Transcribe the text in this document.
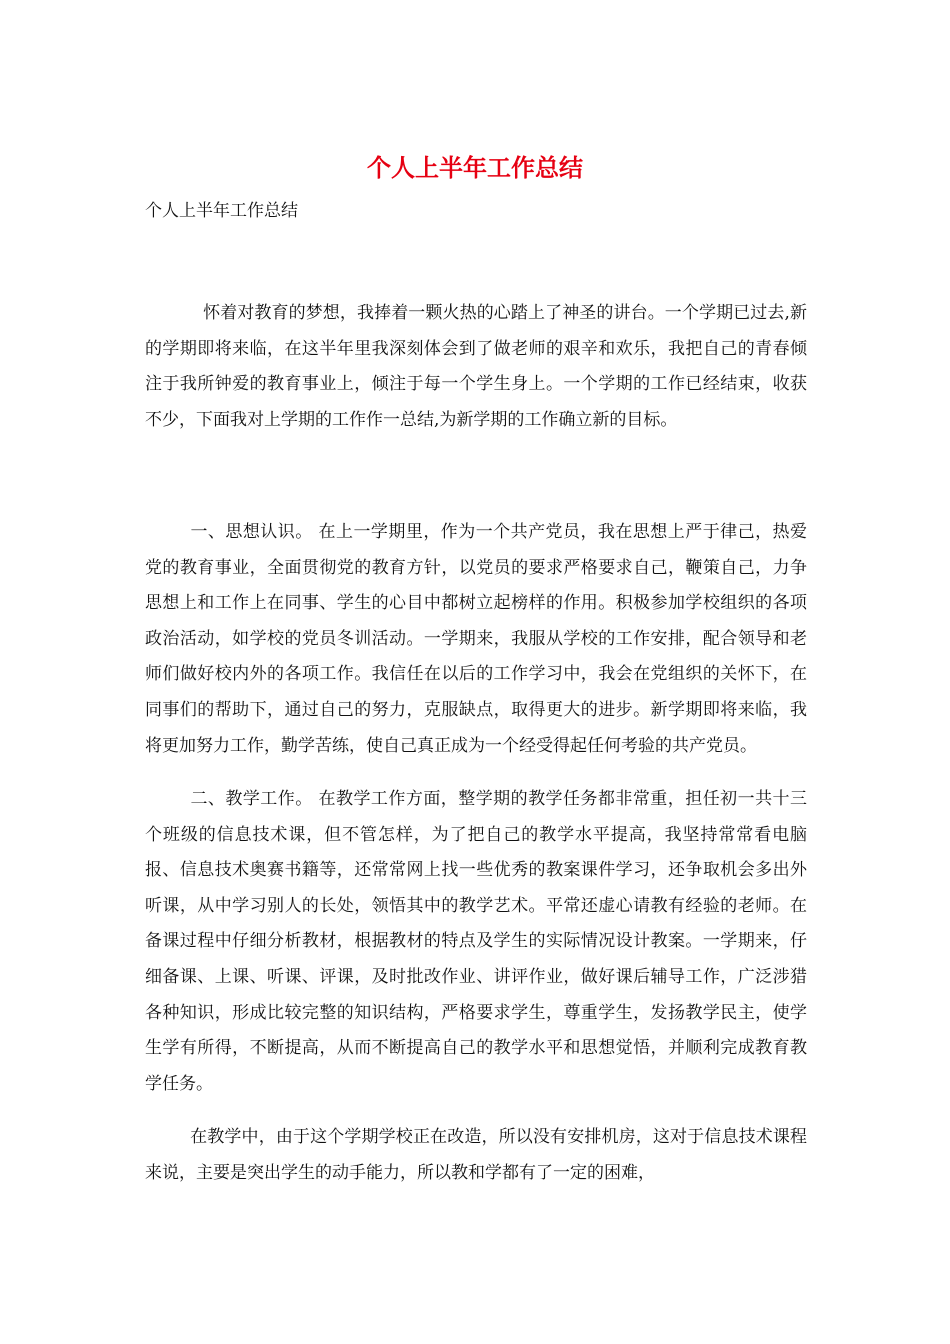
个人上半年工作总结

个人上半年工作总结

怀着对教育的梦想，我捧着一颗火热的心踏上了神圣的讲台。一个学期已过去,新的学期即将来临，在这半年里我深刻体会到了做老师的艰辛和欢乐，我把自己的青春倾注于我所钟爱的教育事业上，倾注于每一个学生身上。一个学期的工作已经结束，收获不少，下面我对上学期的工作作一总结,为新学期的工作确立新的目标。

一、思想认识。 在上一学期里，作为一个共产党员，我在思想上严于律己，热爱党的教育事业，全面贯彻党的教育方针，以党员的要求严格要求自己，鞭策自己，力争思想上和工作上在同事、学生的心目中都树立起榜样的作用。积极参加学校组织的各项政治活动，如学校的党员冬训活动。一学期来，我服从学校的工作安排，配合领导和老师们做好校内外的各项工作。我信任在以后的工作学习中，我会在党组织的关怀下，在同事们的帮助下，通过自己的努力，克服缺点，取得更大的进步。新学期即将来临，我将更加努力工作，勤学苦练，使自己真正成为一个经受得起任何考验的共产党员。

二、教学工作。 在教学工作方面，整学期的教学任务都非常重，担任初一共十三个班级的信息技术课，但不管怎样，为了把自己的教学水平提高，我坚持常常看电脑报、信息技术奥赛书籍等，还常常网上找一些优秀的教案课件学习，还争取机会多出外听课，从中学习别人的长处，领悟其中的教学艺术。平常还虚心请教有经验的老师。在备课过程中仔细分析教材，根据教材的特点及学生的实际情况设计教案。一学期来，仔细备课、上课、听课、评课，及时批改作业、讲评作业，做好课后辅导工作，广泛涉猎各种知识，形成比较完整的知识结构，严格要求学生，尊重学生，发扬教学民主，使学生学有所得，不断提高，从而不断提高自己的教学水平和思想觉悟，并顺利完成教育教学任务。

在教学中，由于这个学期学校正在改造，所以没有安排机房，这对于信息技术课程来说，主要是突出学生的动手能力，所以教和学都有了一定的困难，
